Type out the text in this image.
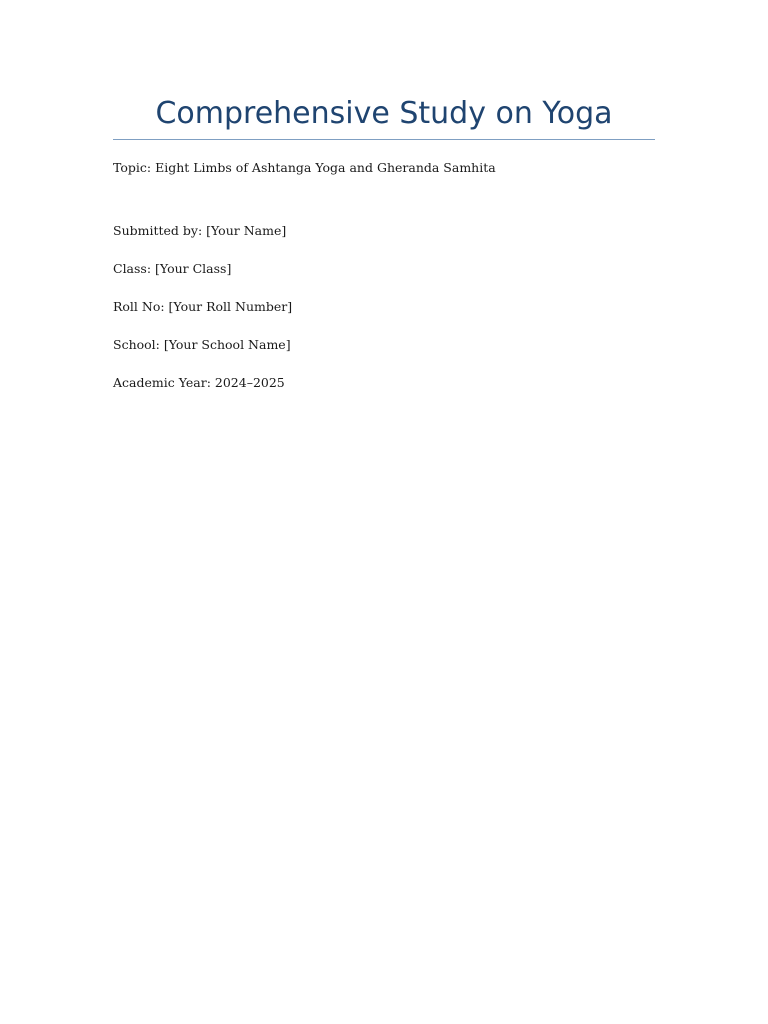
Comprehensive Study on Yoga

Topic: Eight Limbs of Ashtanga Yoga and Gheranda Samhita

Submitted by: [Your Name]

Class: [Your Class]

Roll No: [Your Roll Number]

School: [Your School Name]

Academic Year: 2024–2025
